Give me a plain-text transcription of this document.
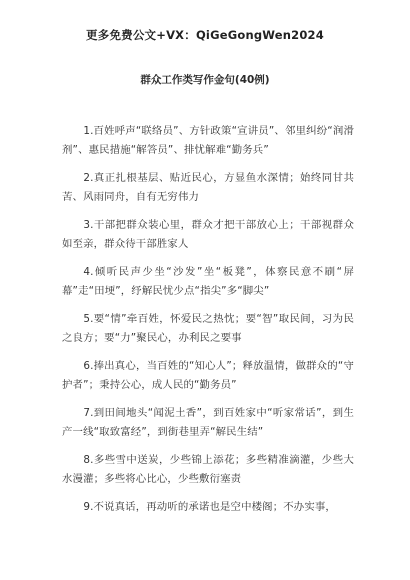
更多免费公文+VX：QiGeGongWen2024
群众工作类写作金句(40例)

1.百姓呼声“联络员”、方针政策“宣讲员”、邻里纠纷“润滑剂”、惠民措施“解答员”、排忧解难“勤务兵”

2.真正扎根基层、贴近民心，方显鱼水深情；始终同甘共苦、风雨同舟，自有无穷伟力

3.干部把群众装心里，群众才把干部放心上；干部视群众如至亲，群众待干部胜家人

4.倾听民声少坐“沙发”坐“板凳”，体察民意不刷“屏幕”走“田埂”，纾解民忧少点“指尖”多“脚尖”

5.要“情”牵百姓，怀爱民之热忱；要“智”取民间，习为民之良方；要“力”聚民心，办利民之要事

6.捧出真心，当百姓的“知心人”；释放温情，做群众的“守护者”；秉持公心，成人民的“勤务员”

7.到田间地头“闻泥土香”，到百姓家中“听家常话”，到生产一线“取致富经”，到街巷里弄“解民生结”

8.多些雪中送炭，少些锦上添花；多些精准滴灌，少些大水漫灌；多些将心比心，少些敷衍塞责

9.不说真话，再动听的承诺也是空中楼阁；不办实事，
